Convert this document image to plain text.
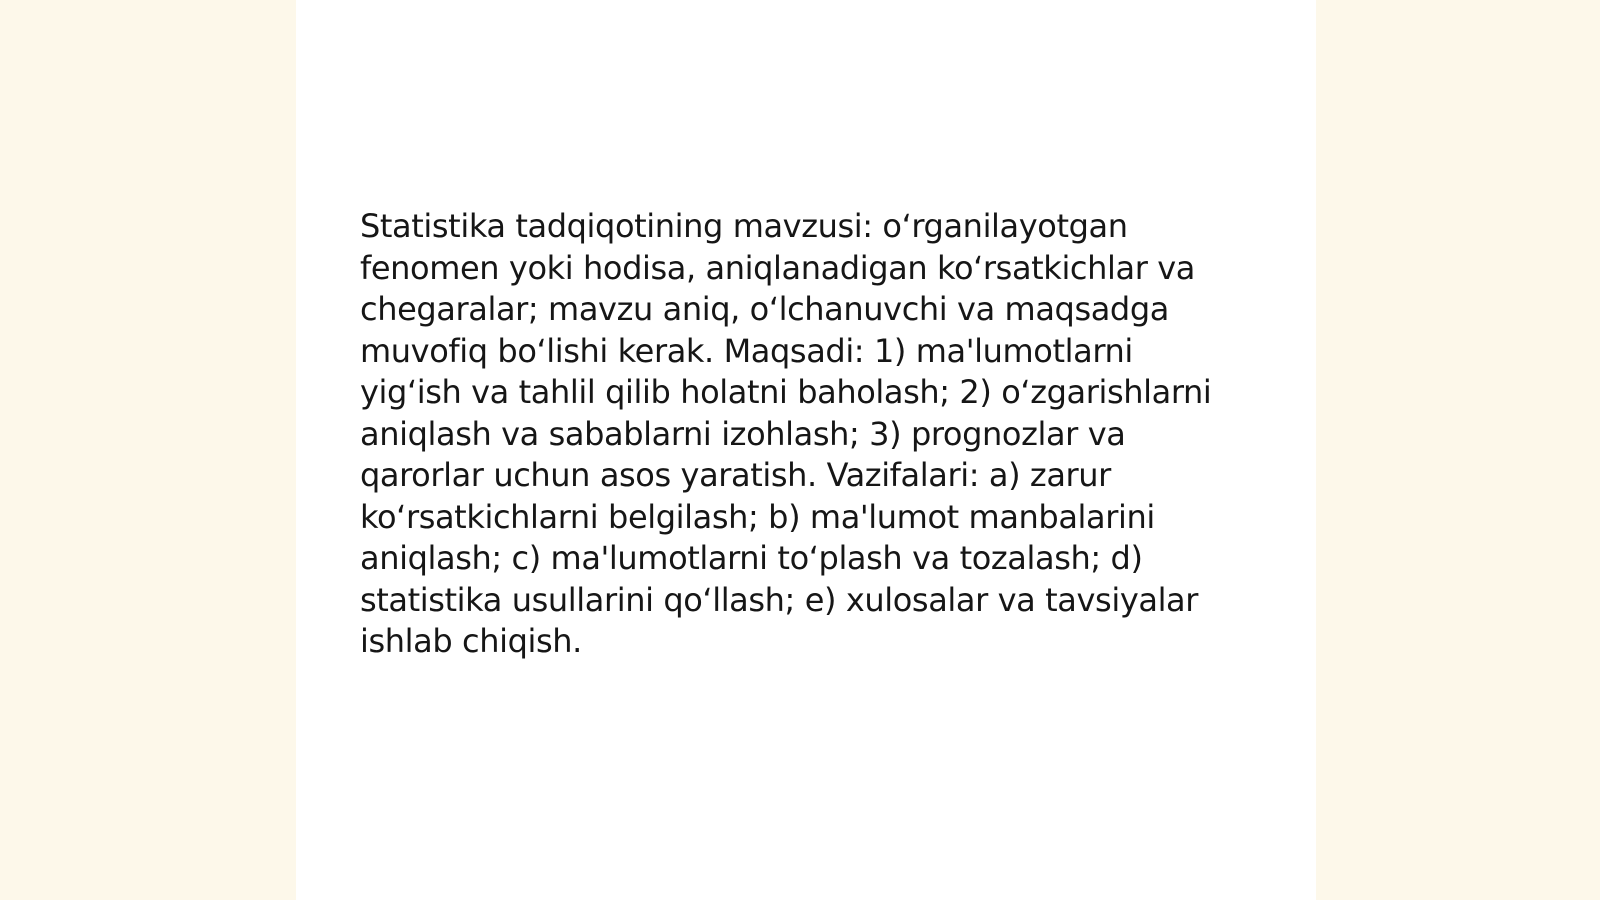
Statistika tadqiqotining mavzusi: oʻrganilayotgan
fenomen yoki hodisa, aniqlanadigan koʻrsatkichlar va
chegaralar; mavzu aniq, oʻlchanuvchi va maqsadga
muvofiq boʻlishi kerak. Maqsadi: 1) ma'lumotlarni
yigʻish va tahlil qilib holatni baholash; 2) oʻzgarishlarni
aniqlash va sabablarni izohlash; 3) prognozlar va
qarorlar uchun asos yaratish. Vazifalari: a) zarur
koʻrsatkichlarni belgilash; b) ma'lumot manbalarini
aniqlash; c) ma'lumotlarni toʻplash va tozalash; d)
statistika usullarini qoʻllash; e) xulosalar va tavsiyalar
ishlab chiqish.
